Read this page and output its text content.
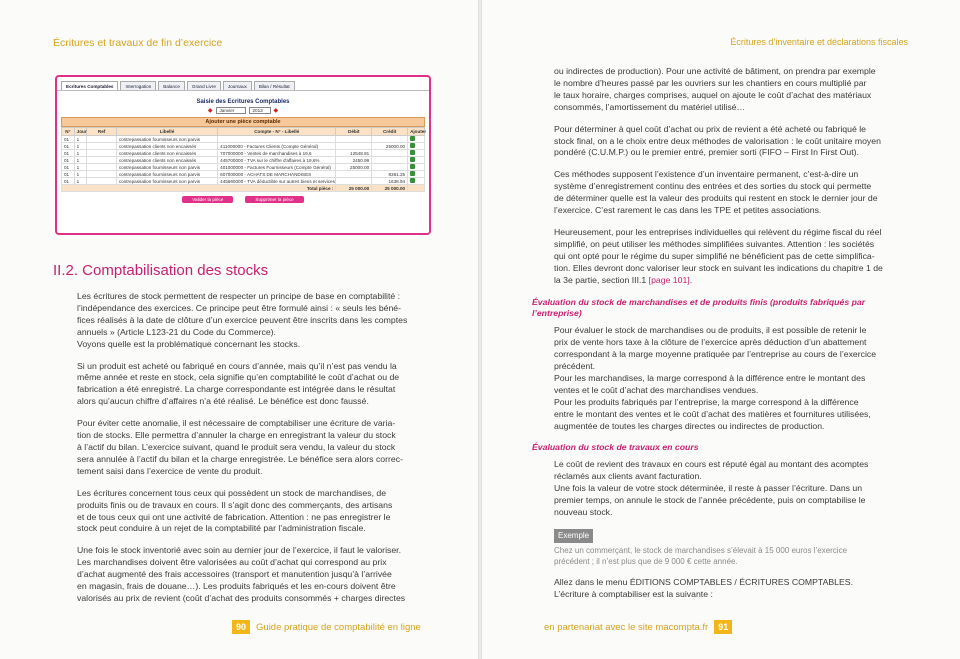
Écritures et travaux de fin d’exercice
Ecritures Comptables	Interrogation	Balance	Grand Livre	Journaux	Bilan / Résultat
Saisie des Ecritures Comptables
◆	Janvier	2013	◆
Ajouter une pièce comptable
N°	Jour	Ref	Libellé	Compte - N° - Libellé	Débit	Crédit	Ajouter
01	1		contrepassation fournisseurs non parvis				
01	1		contrepassation clients non encaissés	411000000 - Factures Clients (Compte Général)		25000.00	
01	1		contrepassation clients non encaissés	707000000 - Ventes de marchandises à 19,6	12548.91		
01	1		contrepassation clients non encaissés	445700000 - TVA sur le chiffre d'affaires à 19,6%	2450.99		
01	1		contrepassation fournisseurs non parvis	401000000 - Factures Fournisseurs (Compte Général)	25000.00		
01	1		contrepassation fournisseurs non parvis	607000000 - ACHATS DE MARCHANDISES		8381.25	
01	1		contrepassation fournisseurs non parvis	445660000 - TVA déductible sur autres biens et services		1638.94	
Total pièce :					25 000.00	25 000.00	
Valider la pièce	Supprimer la pièce
II.2. Comptabilisation des stocks

Les écritures de stock permettent de respecter un principe de base en comptabilité :
l’indépendance des exercices. Ce principe peut être formulé ainsi : « seuls les béné-
fices réalisés à la date de clôture d’un exercice peuvent être inscrits dans les comptes
annuels » (Article L123-21 du Code du Commerce).
Voyons quelle est la problématique concernant les stocks.

Si un produit est acheté ou fabriqué en cours d’année, mais qu’il n’est pas vendu la
même année et reste en stock, cela signifie qu’en comptabilité le coût d’achat ou de
fabrication a été enregistré. La charge correspondante est intégrée dans le résultat
alors qu’aucun chiffre d’affaires n’a été réalisé. Le bénéfice est donc faussé.

Pour éviter cette anomalie, il est nécessaire de comptabiliser une écriture de varia-
tion de stocks. Elle permettra d’annuler la charge en enregistrant la valeur du stock
à l’actif du bilan. L’exercice suivant, quand le produit sera vendu, la valeur du stock
sera annulée à l’actif du bilan et la charge enregistrée. Le bénéfice sera alors correc-
tement saisi dans l’exercice de vente du produit.

Les écritures concernent tous ceux qui possèdent un stock de marchandises, de
produits finis ou de travaux en cours. Il s’agit donc des commerçants, des artisans
et de tous ceux qui ont une activité de fabrication. Attention : ne pas enregistrer le
stock peut conduire à un rejet de la comptabilité par l’administration fiscale.

Une fois le stock inventorié avec soin au dernier jour de l’exercice, il faut le valoriser.
Les marchandises doivent être valorisées au coût d’achat qui correspond au prix
d’achat augmenté des frais accessoires (transport et manutention jusqu’à l’arrivée
en magasin, frais de douane…). Les produits fabriqués et les en-cours doivent être
valorisés au prix de revient (coût d’achat des produits consommés + charges directes

90	Guide pratique de comptabilité en ligne
Écritures d’inventaire et déclarations fiscales

ou indirectes de production). Pour une activité de bâtiment, on prendra par exemple
le nombre d’heures passé par les ouvriers sur les chantiers en cours multiplié par
le taux horaire, charges comprises, auquel on ajoute le coût d’achat des matériaux
consommés, l’amortissement du matériel utilisé…

Pour déterminer à quel coût d’achat ou prix de revient a été acheté ou fabriqué le
stock final, on a le choix entre deux méthodes de valorisation : le coût unitaire moyen
pondéré (C.U.M.P.) ou le premier entré, premier sorti (FIFO – First In First Out).

Ces méthodes supposent l’existence d’un inventaire permanent, c’est-à-dire un
système d’enregistrement continu des entrées et des sorties du stock qui permette
de déterminer quelle est la valeur des produits qui restent en stock le dernier jour de
l’exercice. C’est rarement le cas dans les TPE et petites associations.

Heureusement, pour les entreprises individuelles qui relèvent du régime fiscal du réel
simplifié, on peut utiliser les méthodes simplifiées suivantes. Attention : les sociétés
qui ont opté pour le régime du super simplifié ne bénéficient pas de cette simplifica-
tion. Elles devront donc valoriser leur stock en suivant les indications du chapitre 1 de
la 3e partie, section III.1 [page 101].

Évaluation du stock de marchandises et de produits finis (produits fabriqués par
l’entreprise)

Pour évaluer le stock de marchandises ou de produits, il est possible de retenir le
prix de vente hors taxe à la clôture de l’exercice après déduction d’un abattement
correspondant à la marge moyenne pratiquée par l’entreprise au cours de l’exercice
précédent.
Pour les marchandises, la marge correspond à la différence entre le montant des
ventes et le coût d’achat des marchandises vendues.
Pour les produits fabriqués par l’entreprise, la marge correspond à la différence
entre le montant des ventes et le coût d’achat des matières et fournitures utilisées,
augmentée de toutes les charges directes ou indirectes de production.

Évaluation du stock de travaux en cours

Le coût de revient des travaux en cours est réputé égal au montant des acomptes
réclamés aux clients avant facturation.
Une fois la valeur de votre stock déterminée, il reste à passer l’écriture. Dans un
premier temps, on annule le stock de l’année précédente, puis on comptabilise le
nouveau stock.

Exemple
Chez un commerçant, le stock de marchandises s’élevait à 15 000 euros l’exercice
précédent ; il n’est plus que de 9 000 € cette année.

Allez dans le menu ÉDITIONS COMPTABLES / ÉCRITURES COMPTABLES.
L’écriture à comptabiliser est la suivante :

en partenariat avec le site macompta.fr	91
